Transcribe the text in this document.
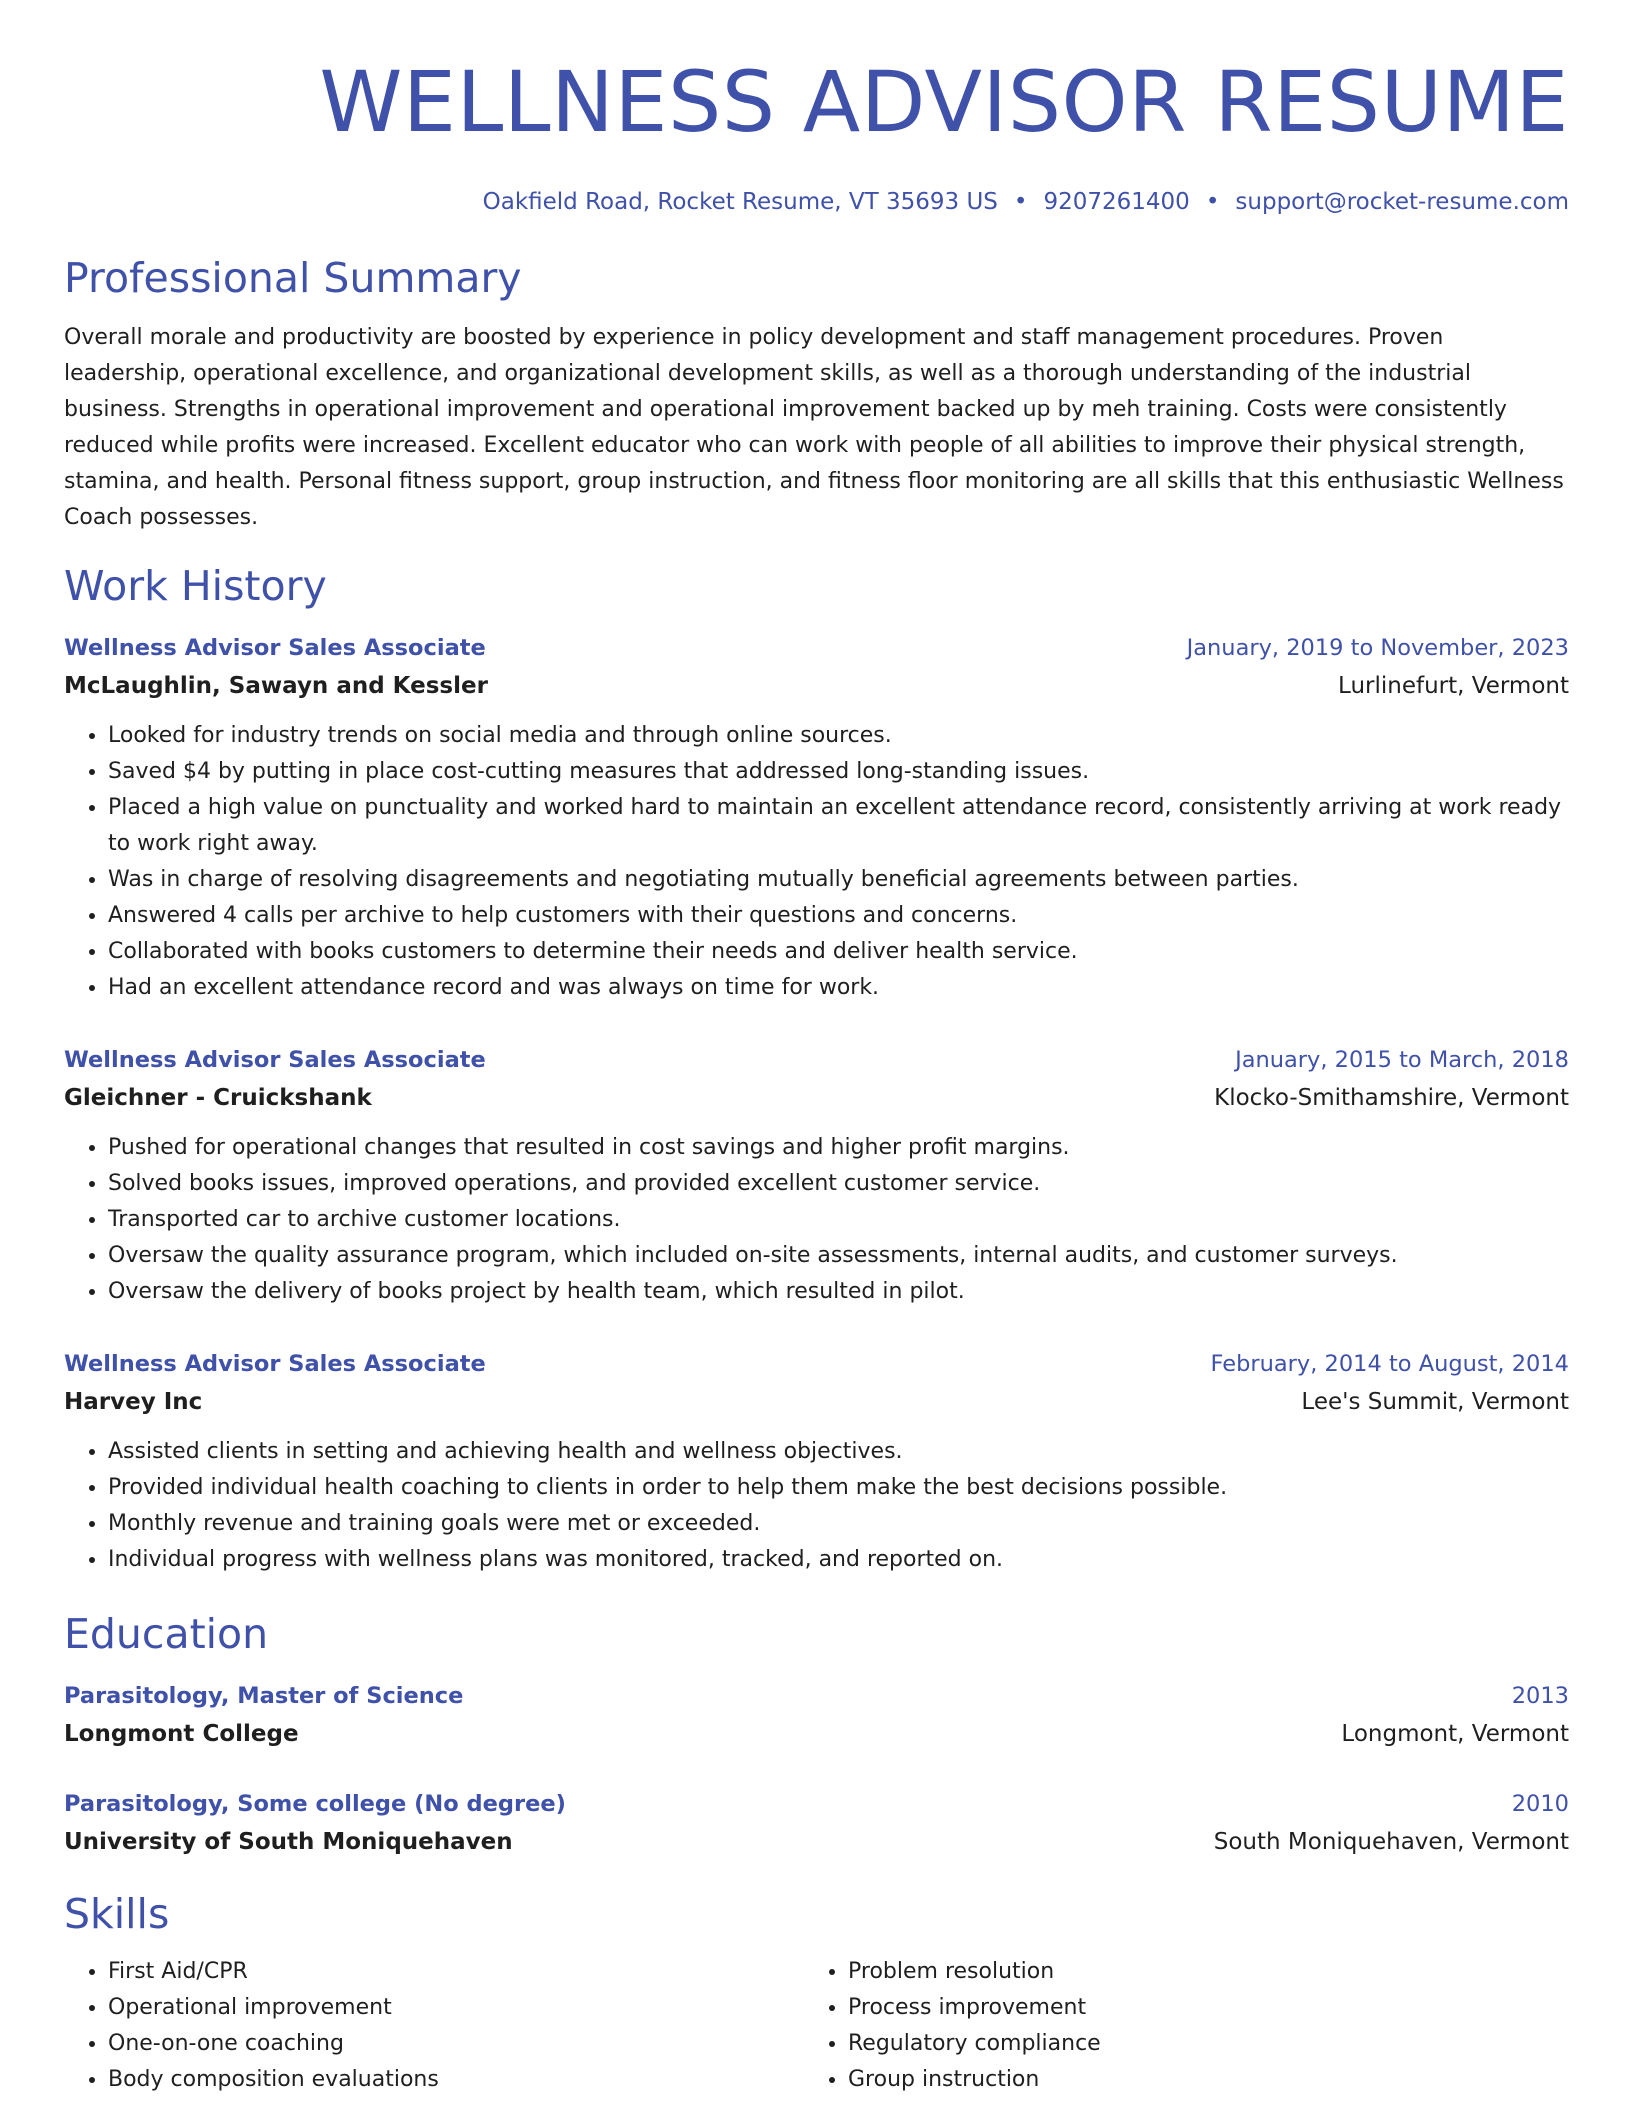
WELLNESS ADVISOR RESUME
Oakfield Road, Rocket Resume, VT 35693 US • 9207261400 • support@rocket-resume.com
Professional Summary
Overall morale and productivity are boosted by experience in policy development and staff management procedures. Proven leadership, operational excellence, and organizational development skills, as well as a thorough understanding of the industrial business. Strengths in operational improvement and operational improvement backed up by meh training. Costs were consistently reduced while profits were increased. Excellent educator who can work with people of all abilities to improve their physical strength, stamina, and health. Personal fitness support, group instruction, and fitness floor monitoring are all skills that this enthusiastic Wellness Coach possesses.
Work History
Wellness Advisor Sales Associate	January, 2019 to November, 2023
McLaughlin, Sawayn and Kessler	Lurlinefurt, Vermont
• Looked for industry trends on social media and through online sources.
• Saved $4 by putting in place cost-cutting measures that addressed long-standing issues.
• Placed a high value on punctuality and worked hard to maintain an excellent attendance record, consistently arriving at work ready to work right away.
• Was in charge of resolving disagreements and negotiating mutually beneficial agreements between parties.
• Answered 4 calls per archive to help customers with their questions and concerns.
• Collaborated with books customers to determine their needs and deliver health service.
• Had an excellent attendance record and was always on time for work.
Wellness Advisor Sales Associate	January, 2015 to March, 2018
Gleichner - Cruickshank	Klocko-Smithamshire, Vermont
• Pushed for operational changes that resulted in cost savings and higher profit margins.
• Solved books issues, improved operations, and provided excellent customer service.
• Transported car to archive customer locations.
• Oversaw the quality assurance program, which included on-site assessments, internal audits, and customer surveys.
• Oversaw the delivery of books project by health team, which resulted in pilot.
Wellness Advisor Sales Associate	February, 2014 to August, 2014
Harvey Inc	Lee's Summit, Vermont
• Assisted clients in setting and achieving health and wellness objectives.
• Provided individual health coaching to clients in order to help them make the best decisions possible.
• Monthly revenue and training goals were met or exceeded.
• Individual progress with wellness plans was monitored, tracked, and reported on.
Education
Parasitology, Master of Science	2013
Longmont College	Longmont, Vermont
Parasitology, Some college (No degree)	2010
University of South Moniquehaven	South Moniquehaven, Vermont
Skills
• First Aid/CPR
• Operational improvement
• One-on-one coaching
• Body composition evaluations
• Problem resolution
• Process improvement
• Regulatory compliance
• Group instruction
